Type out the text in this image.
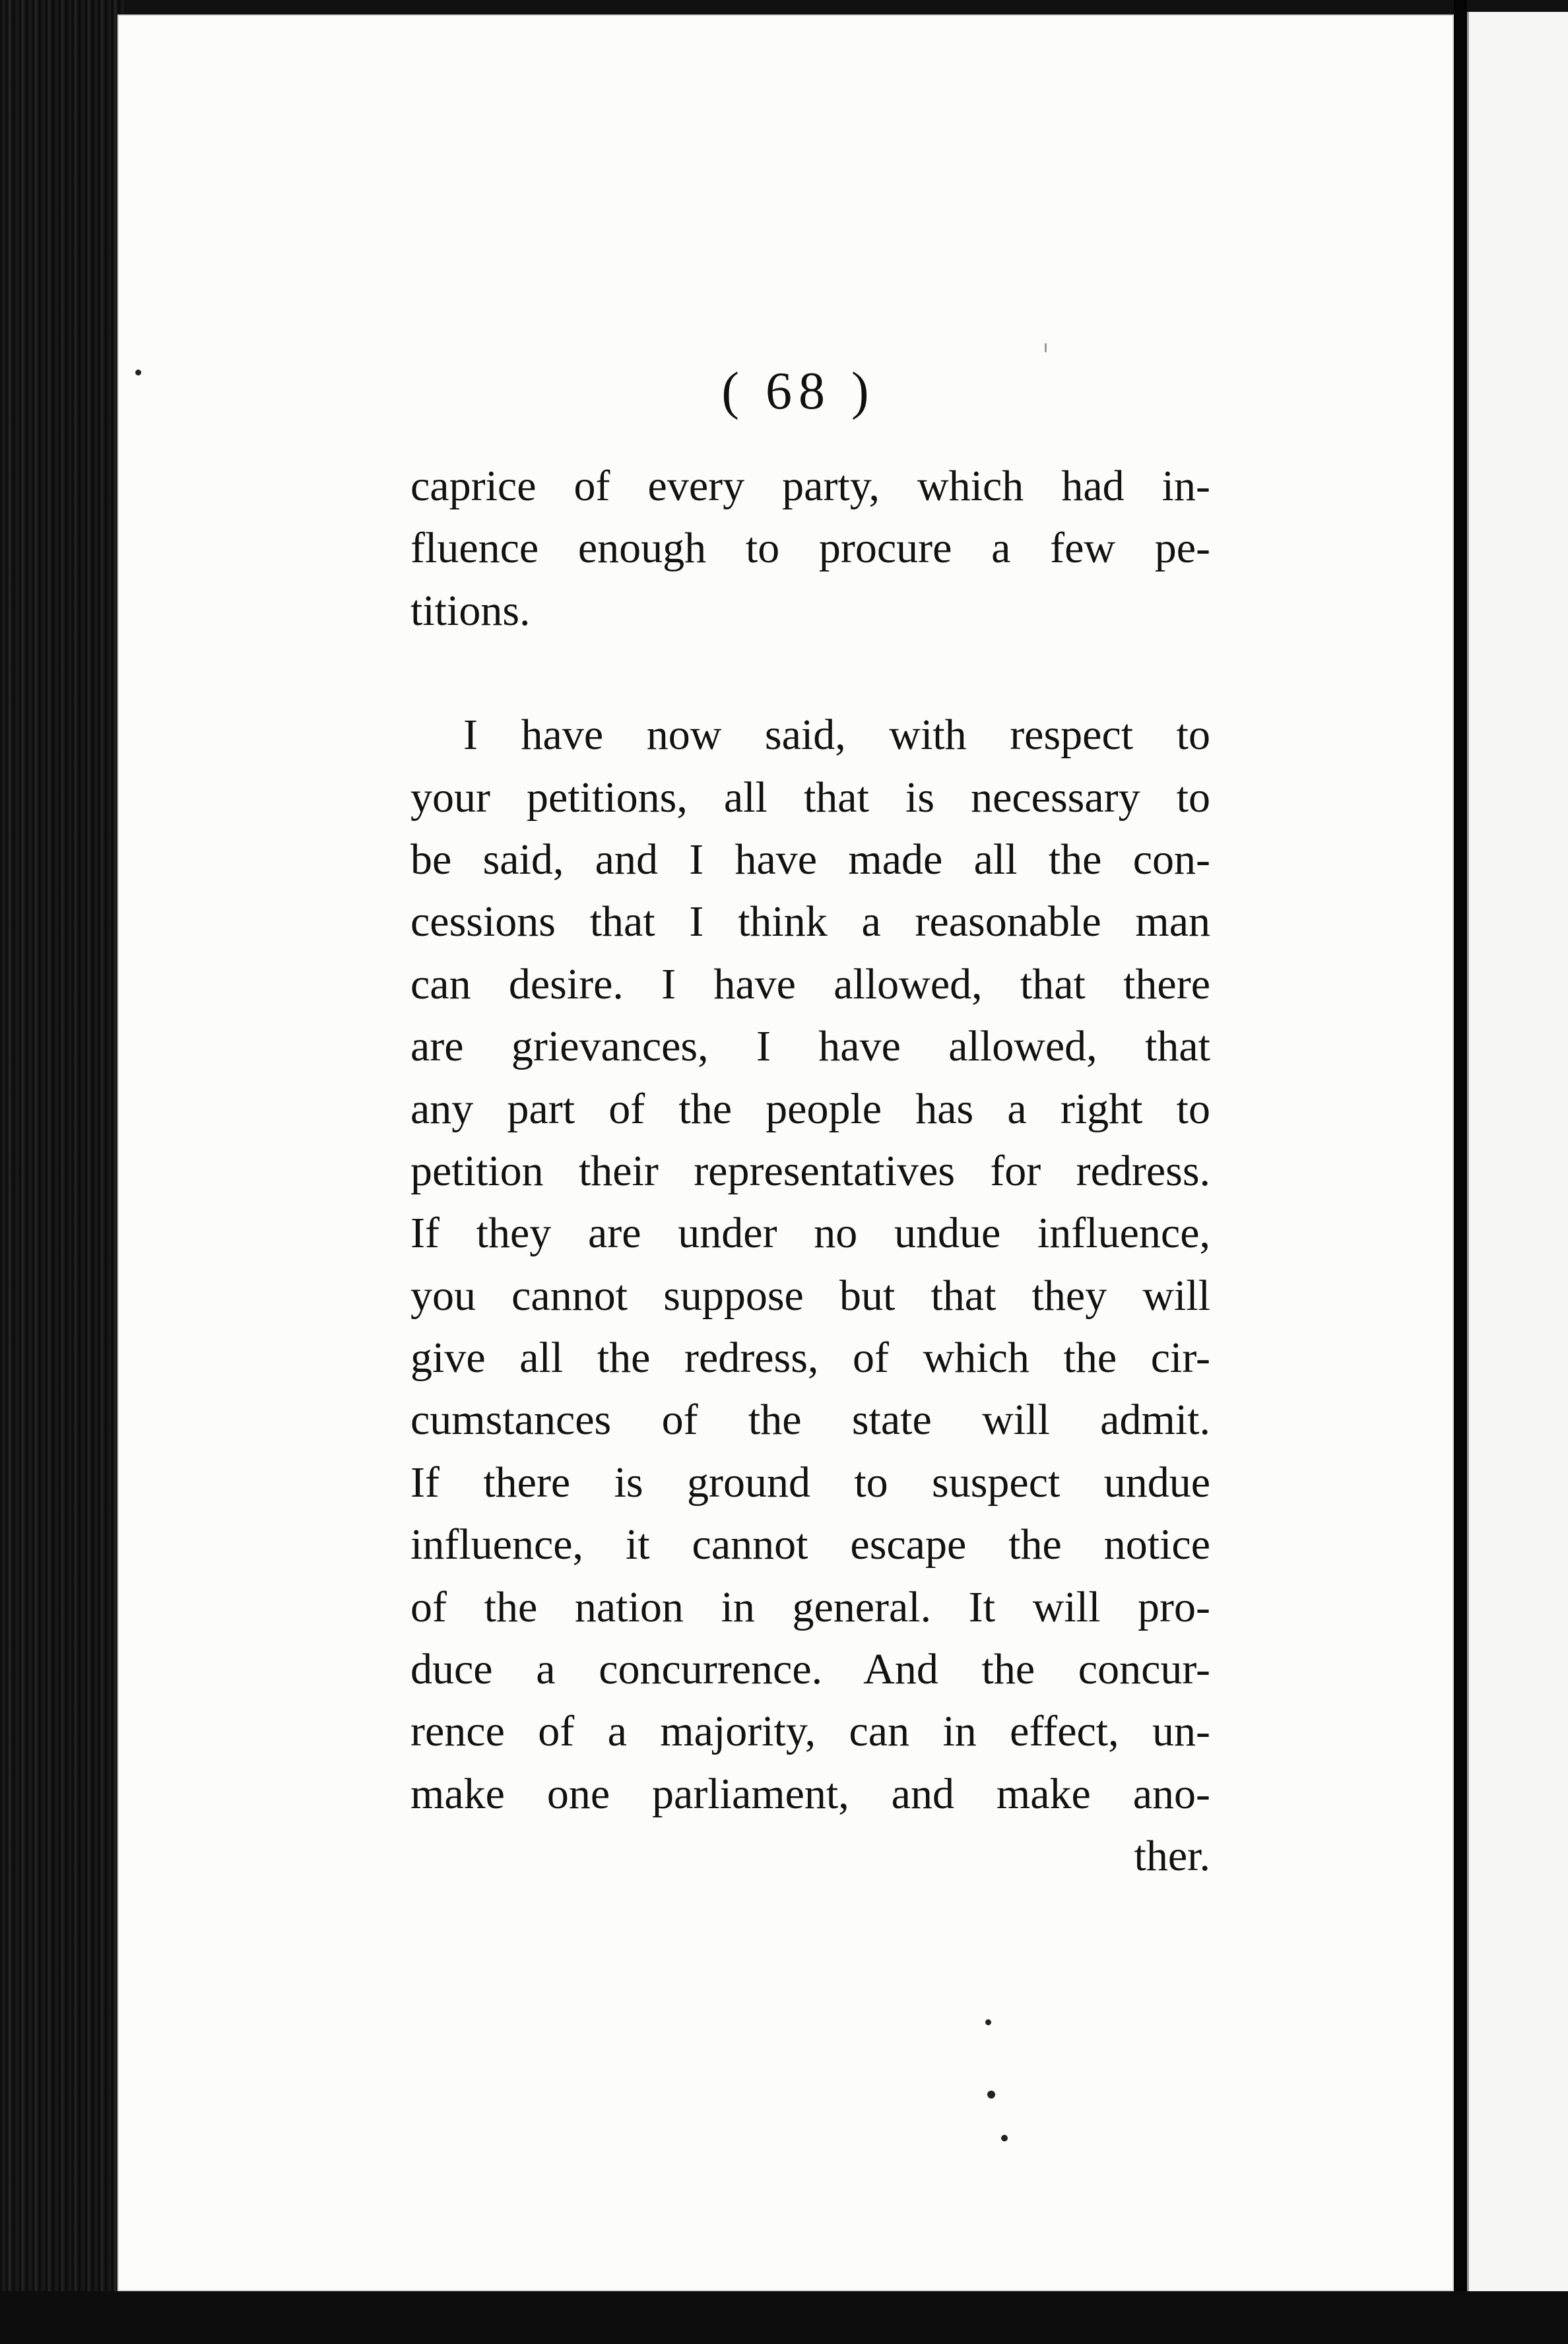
( 68 )
caprice of every party, which had in-
fluence enough to procure a few pe-
titions.
I have now said, with respect to
your petitions, all that is necessary to
be said, and I have made all the con-
cessions that I think a reasonable man
can desire. I have allowed, that there
are grievances, I have allowed, that
any part of the people has a right to
petition their representatives for redress.
If they are under no undue influence,
you cannot suppose but that they will
give all the redress, of which the cir-
cumstances of the state will admit.
If there is ground to suspect undue
influence, it cannot escape the notice
of the nation in general. It will pro-
duce a concurrence. And the concur-
rence of a majority, can in effect, un-
make one parliament, and make ano-
ther.
